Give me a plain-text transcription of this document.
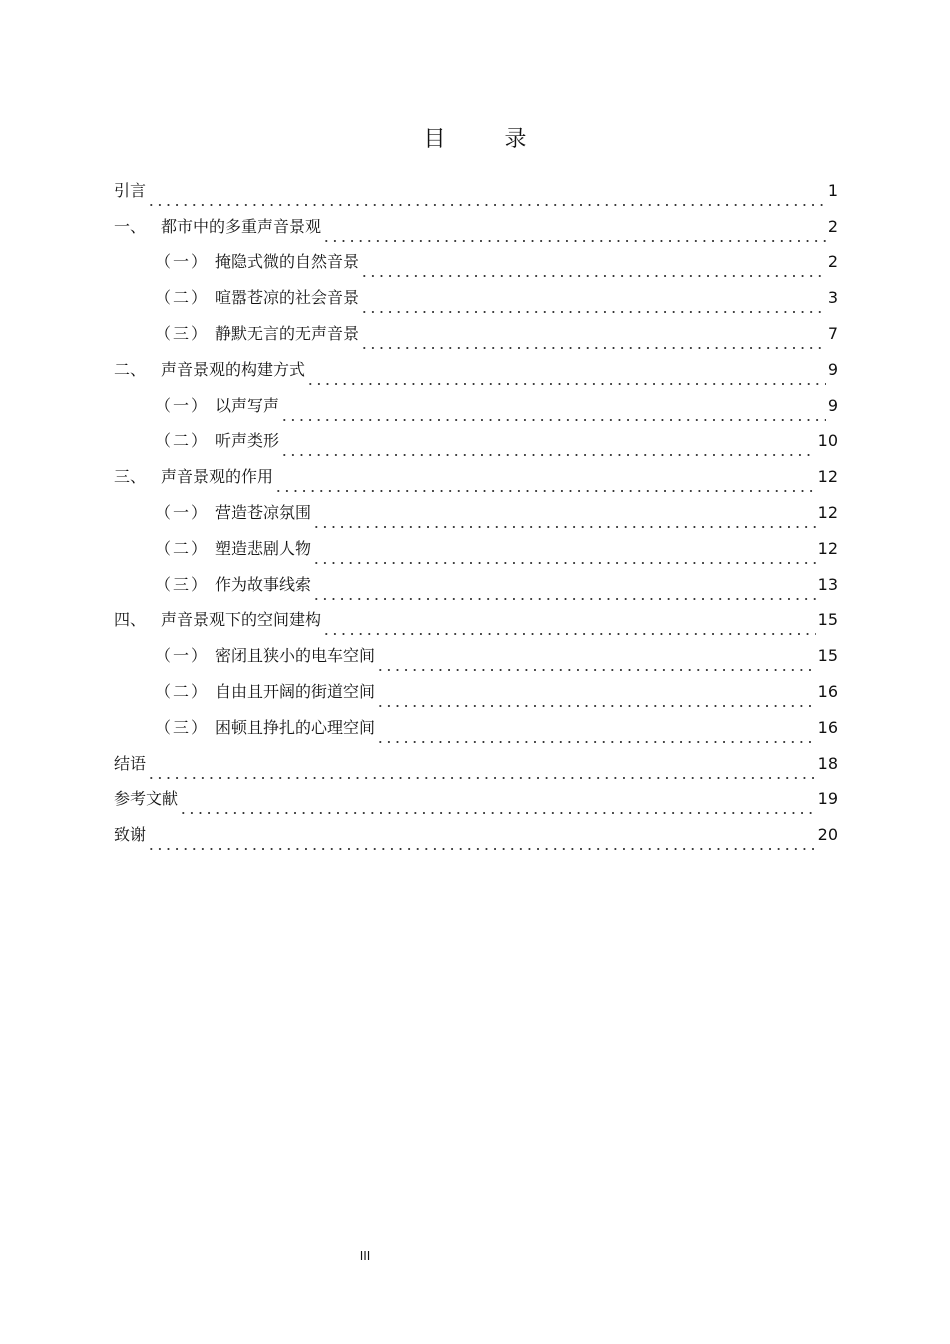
目 录
引言	1
一、 都市中的多重声音景观	2
（一） 掩隐式微的自然音景	2
（二） 喧嚣苍凉的社会音景	3
（三） 静默无言的无声音景	7
二、 声音景观的构建方式	9
（一） 以声写声	9
（二） 听声类形	10
三、 声音景观的作用	12
（一） 营造苍凉氛围	12
（二） 塑造悲剧人物	12
（三） 作为故事线索	13
四、 声音景观下的空间建构	15
（一） 密闭且狭小的电车空间	15
（二） 自由且开阔的街道空间	16
（三） 困顿且挣扎的心理空间	16
结语	18
参考文献	19
致谢	20
III
